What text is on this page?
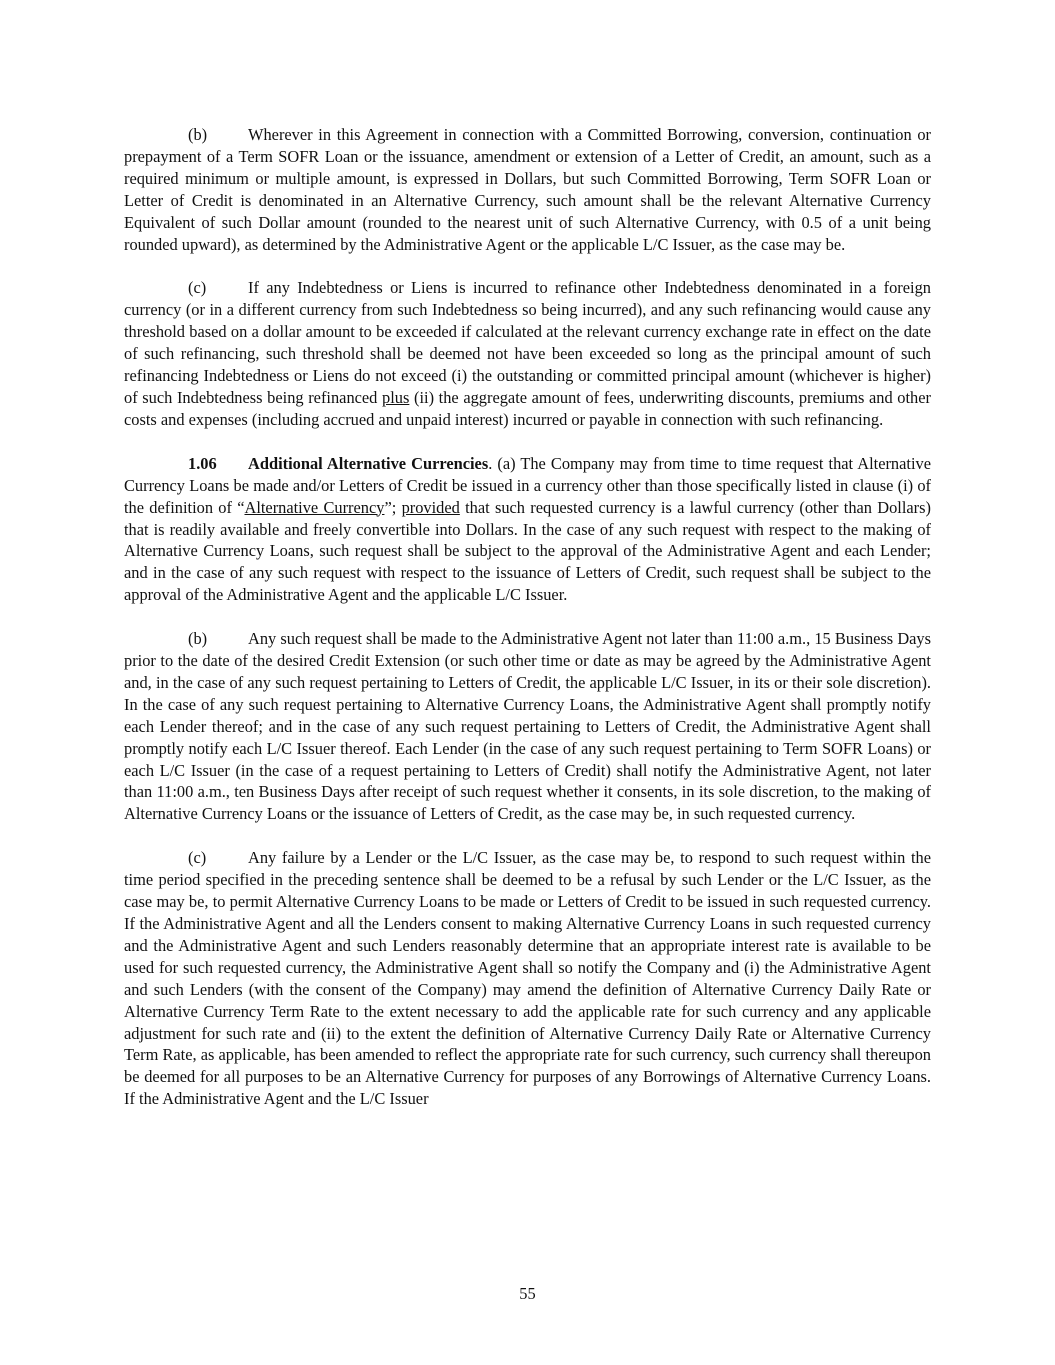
(b) Wherever in this Agreement in connection with a Committed Borrowing, conversion, continuation or prepayment of a Term SOFR Loan or the issuance, amendment or extension of a Letter of Credit, an amount, such as a required minimum or multiple amount, is expressed in Dollars, but such Committed Borrowing, Term SOFR Loan or Letter of Credit is denominated in an Alternative Currency, such amount shall be the relevant Alternative Currency Equivalent of such Dollar amount (rounded to the nearest unit of such Alternative Currency, with 0.5 of a unit being rounded upward), as determined by the Administrative Agent or the applicable L/C Issuer, as the case may be.

(c)	If any Indebtedness or Liens is incurred to refinance other Indebtedness denominated in a foreign currency (or in a different currency from such Indebtedness so being incurred), and any such refinancing would cause any threshold based on a dollar amount to be exceeded if calculated at the relevant currency exchange rate in effect on the date of such refinancing, such threshold shall be deemed not have been exceeded so long as the principal amount of such refinancing Indebtedness or Liens do not exceed (i) the outstanding or committed principal amount (whichever is higher) of such Indebtedness being refinanced plus (ii) the aggregate amount of fees, underwriting discounts, premiums and other costs and expenses (including accrued and unpaid interest) incurred or payable in connection with such refinancing.

1.06 Additional Alternative Currencies. (a) The Company may from time to time request that Alternative Currency Loans be made and/or Letters of Credit be issued in a currency other than those specifically listed in clause (i) of the definition of “Alternative Currency”; provided that such requested currency is a lawful currency (other than Dollars) that is readily available and freely convertible into Dollars. In the case of any such request with respect to the making of Alternative Currency Loans, such request shall be subject to the approval of the Administrative Agent and each Lender; and in the case of any such request with respect to the issuance of Letters of Credit, such request shall be subject to the approval of the Administrative Agent and the applicable L/C Issuer.

(b) Any such request shall be made to the Administrative Agent not later than 11:00 a.m., 15 Business Days prior to the date of the desired Credit Extension (or such other time or date as may be agreed by the Administrative Agent and, in the case of any such request pertaining to Letters of Credit, the applicable L/C Issuer, in its or their sole discretion). In the case of any such request pertaining to Alternative Currency Loans, the Administrative Agent shall promptly notify each Lender thereof; and in the case of any such request pertaining to Letters of Credit, the Administrative Agent shall promptly notify each L/C Issuer thereof. Each Lender (in the case of any such request pertaining to Term SOFR Loans) or each L/C Issuer (in the case of a request pertaining to Letters of Credit) shall notify the Administrative Agent, not later than 11:00 a.m., ten Business Days after receipt of such request whether it consents, in its sole discretion, to the making of Alternative Currency Loans or the issuance of Letters of Credit, as the case may be, in such requested currency.

(c)	Any failure by a Lender or the L/C Issuer, as the case may be, to respond to such request within the time period specified in the preceding sentence shall be deemed to be a refusal by such Lender or the L/C Issuer, as the case may be, to permit Alternative Currency Loans to be made or Letters of Credit to be issued in such requested currency. If the Administrative Agent and all the Lenders consent to making Alternative Currency Loans in such requested currency and the Administrative Agent and such Lenders reasonably determine that an appropriate interest rate is available to be used for such requested currency, the Administrative Agent shall so notify the Company and (i) the Administrative Agent and such Lenders (with the consent of the Company) may amend the definition of Alternative Currency Daily Rate or Alternative Currency Term Rate to the extent necessary to add the applicable rate for such currency and any applicable adjustment for such rate and (ii) to the extent the definition of Alternative Currency Daily Rate or Alternative Currency Term Rate, as applicable, has been amended to reflect the appropriate rate for such currency, such currency shall thereupon be deemed for all purposes to be an Alternative Currency for purposes of any Borrowings of Alternative Currency Loans. If the Administrative Agent and the L/C Issuer

55
